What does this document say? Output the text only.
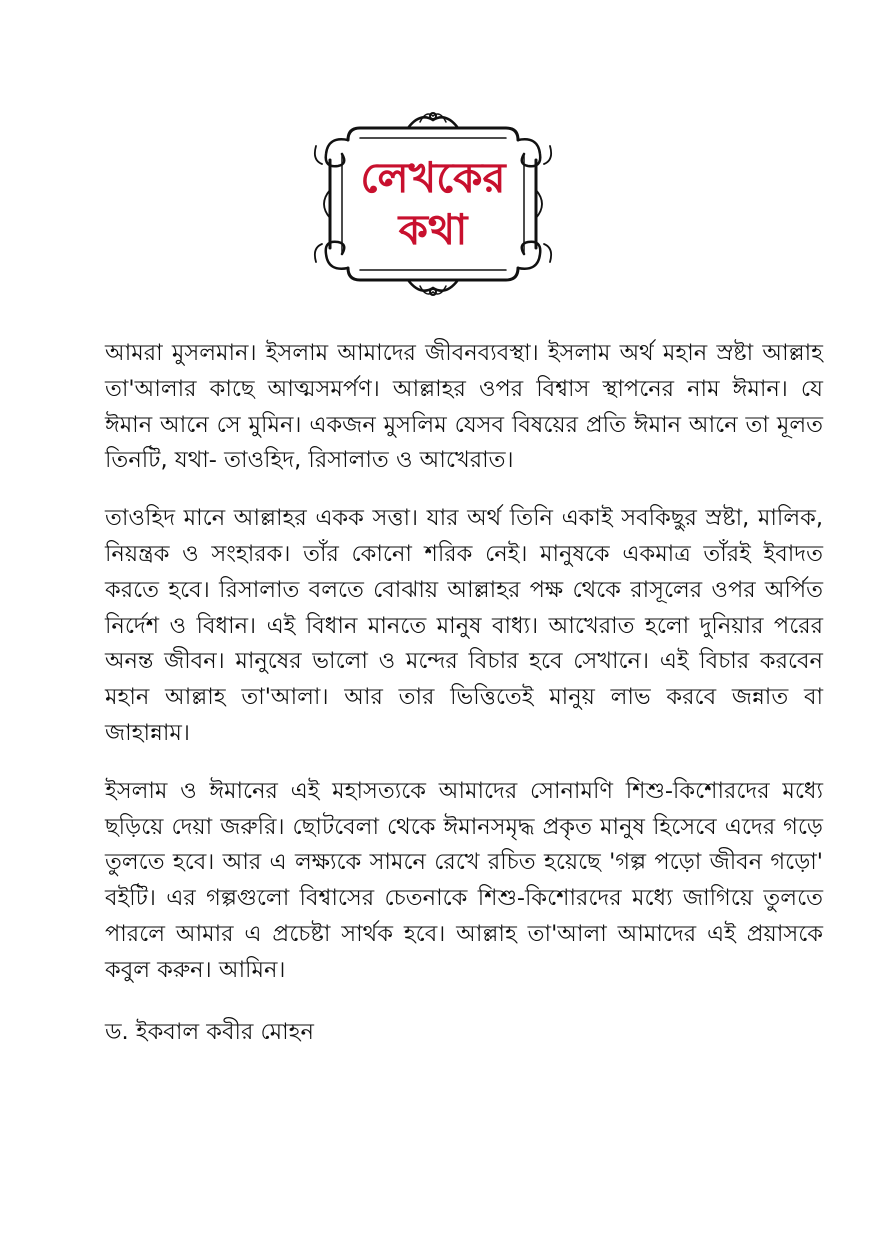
লেখকের
কথা

আমরা মুসলমান। ইসলাম আমাদের জীবনব্যবস্থা। ইসলাম অর্থ মহান স্রষ্টা আল্লাহ তা'আলার কাছে আত্মসমর্পণ। আল্লাহর ওপর বিশ্বাস স্থাপনের নাম ঈমান। যে ঈমান আনে সে মুমিন। একজন মুসলিম যেসব বিষয়ের প্রতি ঈমান আনে তা মূলত তিনটি, যথা- তাওহিদ, রিসালাত ও আখেরাত।

তাওহিদ মানে আল্লাহর একক সত্তা। যার অর্থ তিনি একাই সবকিছুর স্রষ্টা, মালিক, নিয়ন্ত্রক ও সংহারক। তাঁর কোনো শরিক নেই। মানুষকে একমাত্র তাঁরই ইবাদত করতে হবে। রিসালাত বলতে বোঝায় আল্লাহর পক্ষ থেকে রাসূলের ওপর অর্পিত নির্দেশ ও বিধান। এই বিধান মানতে মানুষ বাধ্য। আখেরাত হলো দুনিয়ার পরের অনন্ত জীবন। মানুষের ভালো ও মন্দের বিচার হবে সেখানে। এই বিচার করবেন মহান আল্লাহ তা'আলা। আর তার ভিত্তিতেই মানুয় লাভ করবে জন্নাত বা জাহান্নাম।

ইসলাম ও ঈমানের এই মহাসত্যকে আমাদের সোনামণি শিশু-কিশোরদের মধ্যে ছড়িয়ে দেয়া জরুরি। ছোটবেলা থেকে ঈমানসমৃদ্ধ প্রকৃত মানুষ হিসেবে এদের গড়ে তুলতে হবে। আর এ লক্ষ্যকে সামনে রেখে রচিত হয়েছে 'গল্প পড়ো জীবন গড়ো' বইটি। এর গল্পগুলো বিশ্বাসের চেতনাকে শিশু-কিশোরদের মধ্যে জাগিয়ে তুলতে পারলে আমার এ প্রচেষ্টা সার্থক হবে। আল্লাহ তা'আলা আমাদের এই প্রয়াসকে কবুল করুন। আমিন।

ড. ইকবাল কবীর মোহন
